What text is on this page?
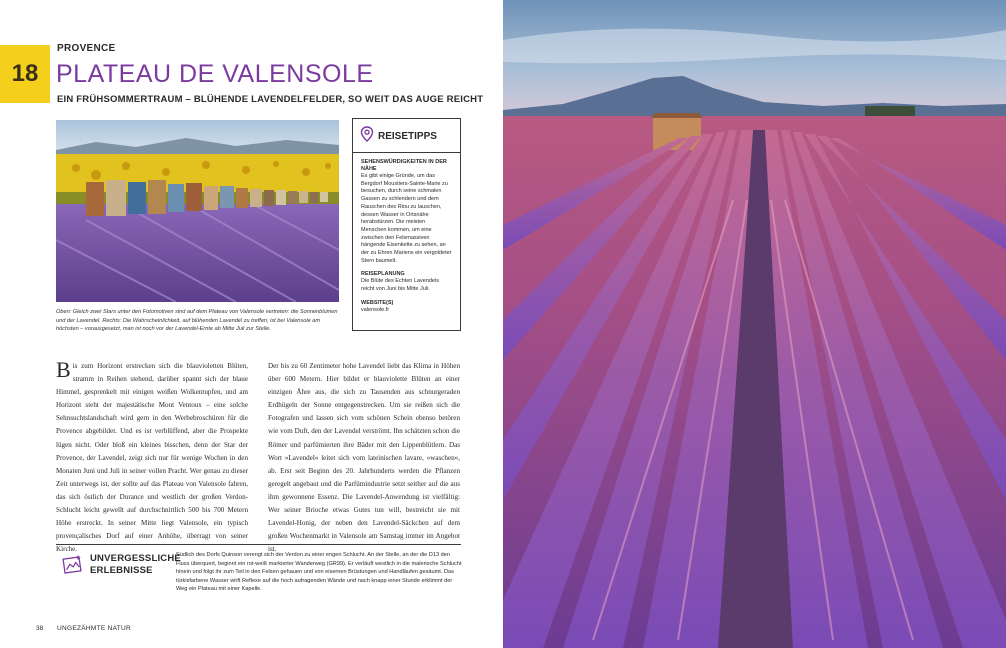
18
PROVENCE
PLATEAU DE VALENSOLE
EIN FRÜHSOMMERTRAUM – BLÜHENDE LAVENDELFELDER, SO WEIT DAS AUGE REICHT
Oben: Gleich zwei Stars unter den Fotomotiven sind auf dem Plateau von Valensole vertreten: die Sonnenblumen und der Lavendel. Rechts: Die Wahrscheinlichkeit, auf blühenden Lavendel zu treffen, ist bei Valensole am höchsten – vorausgesetzt, man ist noch vor der Lavendel-Ernte ab Mitte Juli zur Stelle.
REISETIPPS
SEHENSWÜRDIGKEITEN IN DER NÄHE
Es gibt einige Gründe, um das Bergdorf Moustiers-Sainte-Marie zu besuchen, durch seine schmalen Gassen zu schlendern und dem Rauschen des Riou zu lauschen, dessen Wasser in Ortsnähe herabstürzen. Die meisten Menschen kommen, um eine zwischen den Felsmassiven hängende Eisenkette zu sehen, an der zu Ehren Mariens ein vergoldeter Stern baumelt.
REISEPLANUNG
Die Blüte des Echten Lavendels reicht von Juni bis Mitte Juli.
WEBSITE(S)
valensole.fr
Bis zum Horizont erstrecken sich die blauvioletten Blüten, stramm in Reihen stehend, darüber spannt sich der blaue Himmel, gesprenkelt mit einigen weißen Wolkentupfen, und am Horizont steht der majestätische Mont Ventoux – eine solche Sehnsuchtslandschaft wird gern in den Werbebroschüren für die Provence abgebildet. Und es ist verblüffend, aber die Prospekte lügen nicht. Oder bloß ein kleines bisschen, denn der Star der Provence, der Lavendel, zeigt sich nur für wenige Wochen in den Monaten Juni und Juli in seiner vollen Pracht. Wer genau zu dieser Zeit unterwegs ist, der sollte auf das Plateau von Valensole fahren, das sich östlich der Durance und westlich der großen Verdon-Schlucht leicht gewellt auf durchschnittlich 500 bis 700 Metern Höhe erstreckt. In seiner Mitte liegt Valensole, ein typisch provençalisches Dorf auf einer Anhöhe, überragt von seiner Kirche.
Der bis zu 60 Zentimeter hohe Lavendel liebt das Klima in Höhen über 600 Metern. Hier bildet er blauviolette Blüten an einer einzigen Ähre aus, die sich zu Tausenden aus schnurgeraden Erdhügeln der Sonne entgegenstrecken. Um sie reißen sich die Fotografen und lassen sich vom schönen Schein ebenso betören wie vom Duft, den der Lavendel verströmt. Ihn schätzten schon die Römer und parfümierten ihre Bäder mit den Lippenblütlern. Das Wort »Lavendel« leitet sich vom lateinischen lavare, »waschen«, ab. Erst seit Beginn des 20. Jahrhunderts werden die Pflanzen geregelt angebaut und die Parfümindustrie setzt seither auf die aus ihm gewonnene Essenz. Die Lavendel-Anwendung ist vielfältig: Wer seiner Brioche etwas Gutes tun will, bestreicht sie mit Lavendel-Honig, der neben den Lavendel-Säckchen auf dem großen Wochenmarkt in Valensole am Samstag immer im Angebot ist.
UNVERGESSLICHE ERLEBNISSE
Südlich des Dorfs Quinson verengt sich der Verdon zu einer engen Schlucht. An der Stelle, an der die D13 den Fluss überquert, beginnt ein rot-weiß markierter Wanderweg (GR99). Er verläuft westlich in die malerische Schlucht hinein und folgt ihr zum Teil in den Felsen gehauen und von eisernen Brüstungen und Handläufen gesäumt. Das türkisfarbene Wasser wirft Reflexe auf die hoch aufragenden Wände und nach knapp einer Stunde erklimmt der Weg ein Plateau mit einer Kapelle.
38 UNGEZÄHMTE NATUR
